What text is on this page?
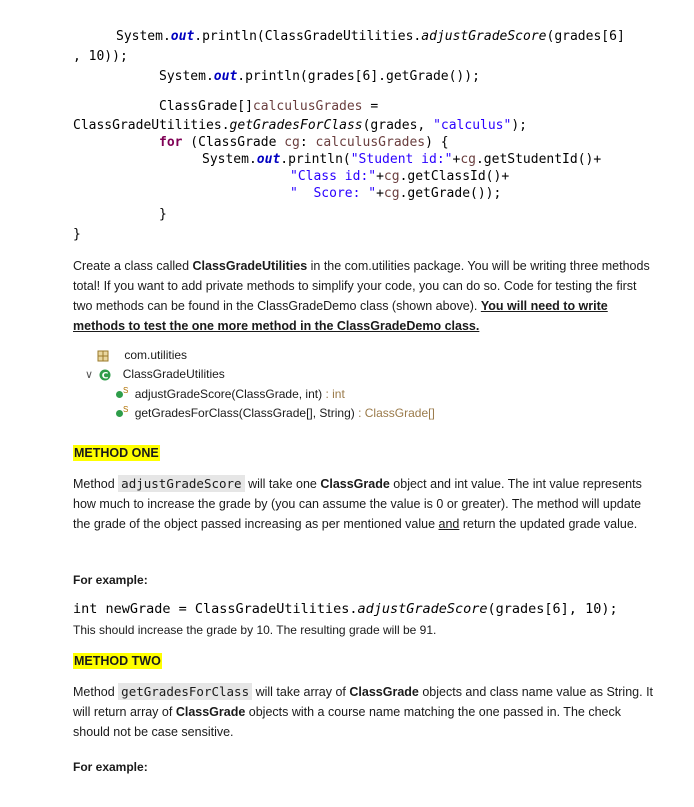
System.out.println(ClassGradeUtilities.adjustGradeScore(grades[6]
, 10));
System.out.println(grades[6].getGrade());
ClassGrade[]calculusGrades =
ClassGradeUtilities.getGradesForClass(grades, "calculus");
for (ClassGrade cg: calculusGrades) {
System.out.println("Student id:"+cg.getStudentId()+
"Class id:"+cg.getClassId()+
"  Score: "+cg.getGrade());
}
}
Create a class called ClassGradeUtilities in the com.utilities package. You will be writing three methods total! If you want to add private methods to simplify your code, you can do so. Code for testing the first two methods can be found in the ClassGradeDemo class (shown above). You will need to write methods to test the one more method in the ClassGradeDemo class.
com.utilities
∨ C ClassGradeUtilities
$^S$ adjustGradeScore(ClassGrade, int) : int
$^S$ getGradesForClass(ClassGrade[], String) : ClassGrade[]
METHOD ONE
Method adjustGradeScore will take one ClassGrade object and int value. The int value represents how much to increase the grade by (you can assume the value is 0 or greater). The method will update the grade of the object passed increasing as per mentioned value and return the updated grade value.
For example:
int newGrade = ClassGradeUtilities.adjustGradeScore(grades[6], 10);
This should increase the grade by 10. The resulting grade will be 91.
METHOD TWO
Method getGradesForClass will take array of ClassGrade objects and class name value as String. It will return array of ClassGrade objects with a course name matching the one passed in. The check should not be case sensitive.
For example:
